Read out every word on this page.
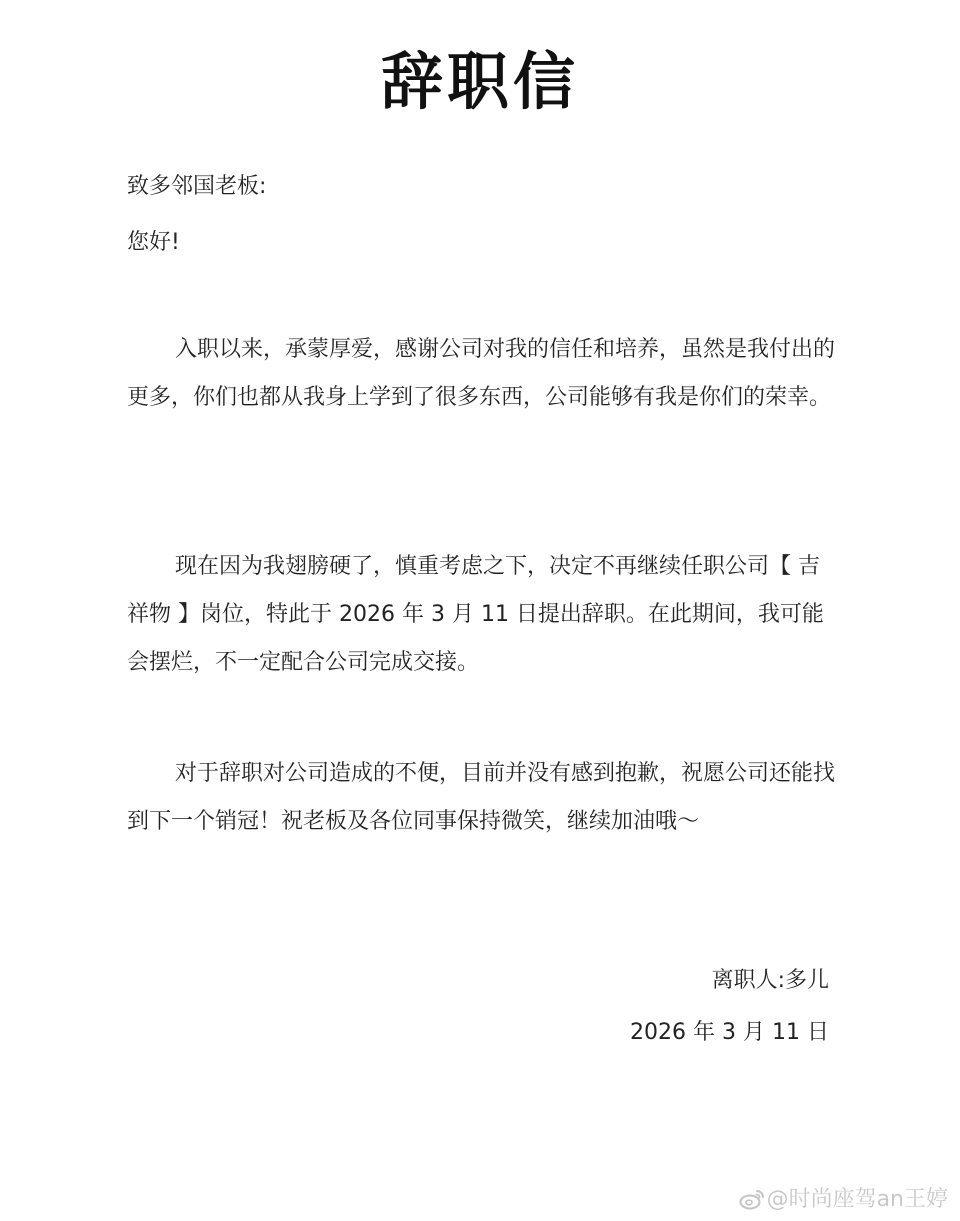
辞职信
致多邻国老板:
您好!
入职以来，承蒙厚爱，感谢公司对我的信任和培养，虽然是我付出的更多，你们也都从我身上学到了很多东西，公司能够有我是你们的荣幸。
现在因为我翅膀硬了，慎重考虑之下，决定不再继续任职公司【 吉祥物 】岗位，特此于 2026 年 3 月 11 日提出辞职。在此期间，我可能会摆烂，不一定配合公司完成交接。
对于辞职对公司造成的不便，目前并没有感到抱歉，祝愿公司还能找到下一个销冠！祝老板及各位同事保持微笑，继续加油哦～
离职人:多儿
2026 年 3 月 11 日
@时尚座驾an王婷
